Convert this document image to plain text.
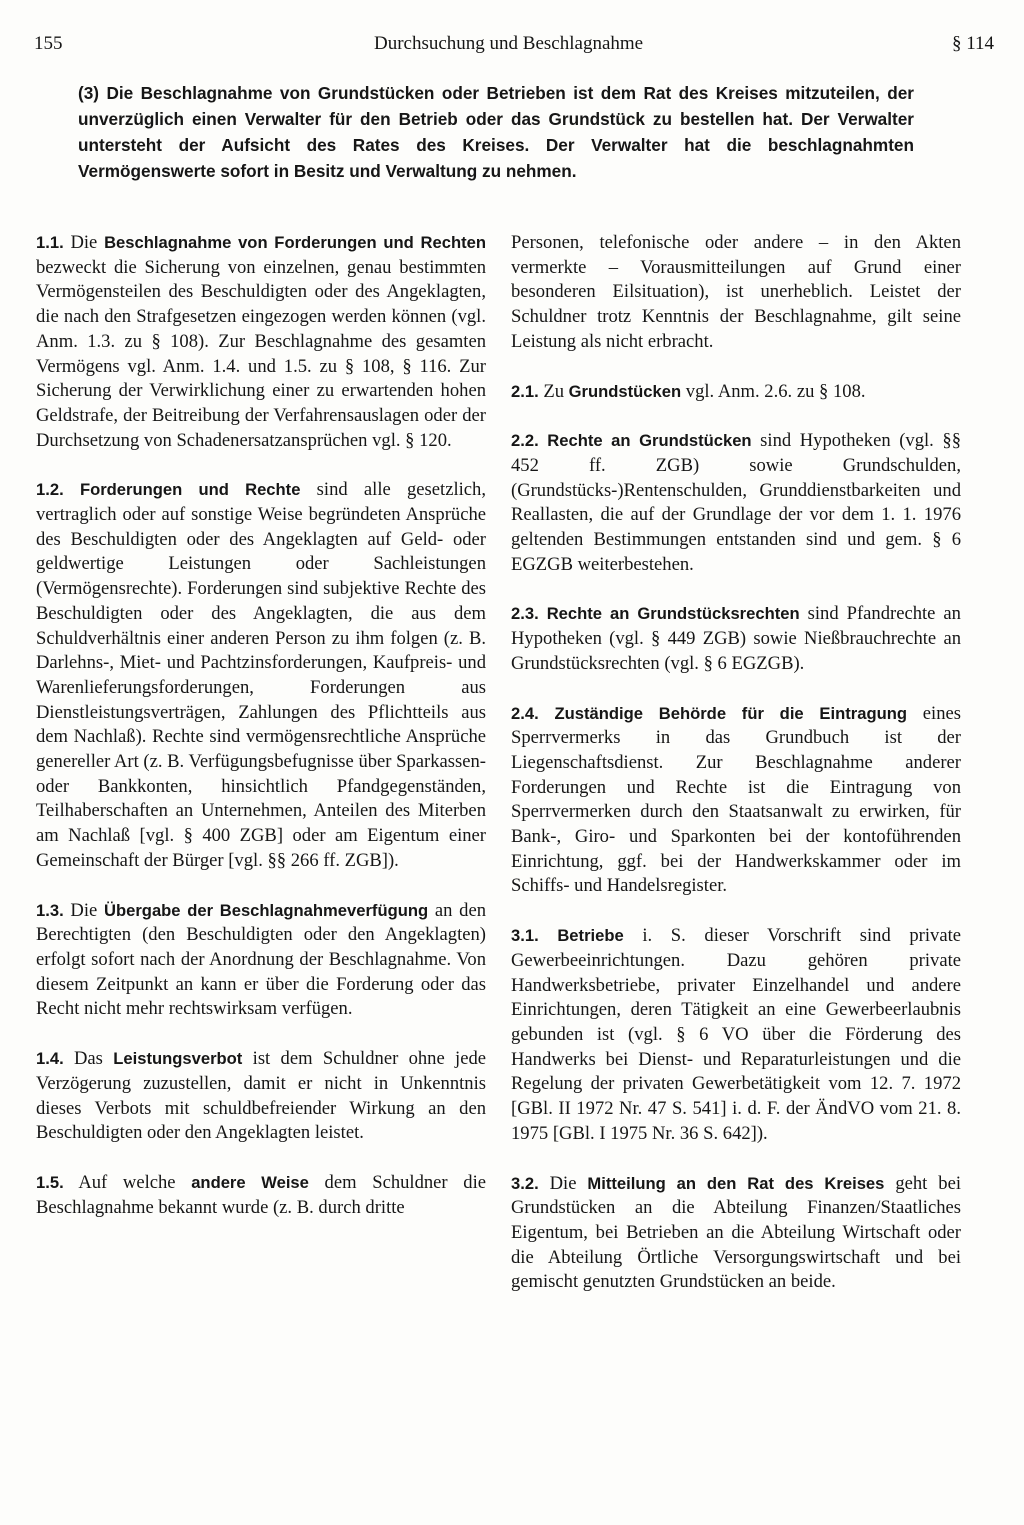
155	Durchsuchung und Beschlagnahme	§ 114

(3) Die Beschlagnahme von Grundstücken oder Betrieben ist dem Rat des Kreises mitzuteilen, der unverzüglich einen Verwalter für den Betrieb oder das Grundstück zu bestellen hat. Der Verwalter untersteht der Aufsicht des Rates des Kreises. Der Verwalter hat die beschlagnahmten Vermögenswerte sofort in Besitz und Verwaltung zu nehmen.

1.1. Die Beschlagnahme von Forderungen und Rechten bezweckt die Sicherung von einzelnen, genau bestimmten Vermögensteilen des Beschuldigten oder des Angeklagten, die nach den Strafgesetzen eingezogen werden können (vgl. Anm. 1.3. zu § 108). Zur Beschlagnahme des gesamten Vermögens vgl. Anm. 1.4. und 1.5. zu § 108, § 116. Zur Sicherung der Verwirklichung einer zu erwartenden hohen Geldstrafe, der Beitreibung der Verfahrensauslagen oder der Durchsetzung von Schadenersatzansprüchen vgl. § 120.

1.2. Forderungen und Rechte sind alle gesetzlich, vertraglich oder auf sonstige Weise begründeten Ansprüche des Beschuldigten oder des Angeklagten auf Geld- oder geldwertige Leistungen oder Sachleistungen (Vermögensrechte). Forderungen sind subjektive Rechte des Beschuldigten oder des Angeklagten, die aus dem Schuldverhältnis einer anderen Person zu ihm folgen (z. B. Darlehns-, Miet- und Pachtzinsforderungen, Kaufpreis- und Warenlieferungsforderungen, Forderungen aus Dienstleistungsverträgen, Zahlungen des Pflichtteils aus dem Nachlaß). Rechte sind vermögensrechtliche Ansprüche genereller Art (z. B. Verfügungsbefugnisse über Sparkassen- oder Bankkonten, hinsichtlich Pfandgegenständen, Teilhaberschaften an Unternehmen, Anteilen des Miterben am Nachlaß [vgl. § 400 ZGB] oder am Eigentum einer Gemeinschaft der Bürger [vgl. §§ 266 ff. ZGB]).

1.3. Die Übergabe der Beschlagnahmeverfügung an den Berechtigten (den Beschuldigten oder den Angeklagten) erfolgt sofort nach der Anordnung der Beschlagnahme. Von diesem Zeitpunkt an kann er über die Forderung oder das Recht nicht mehr rechtswirksam verfügen.

1.4. Das Leistungsverbot ist dem Schuldner ohne jede Verzögerung zuzustellen, damit er nicht in Unkenntnis dieses Verbots mit schuldbefreiender Wirkung an den Beschuldigten oder den Angeklagten leistet.

1.5. Auf welche andere Weise dem Schuldner die Beschlagnahme bekannt wurde (z. B. durch dritte

Personen, telefonische oder andere – in den Akten vermerkte – Vorausmitteilungen auf Grund einer besonderen Eilsituation), ist unerheblich. Leistet der Schuldner trotz Kenntnis der Beschlagnahme, gilt seine Leistung als nicht erbracht.

2.1. Zu Grundstücken vgl. Anm. 2.6. zu § 108.

2.2. Rechte an Grundstücken sind Hypotheken (vgl. §§ 452 ff. ZGB) sowie Grundschulden, (Grundstücks-)Rentenschulden, Grunddienstbarkeiten und Reallasten, die auf der Grundlage der vor dem 1. 1. 1976 geltenden Bestimmungen entstanden sind und gem. § 6 EGZGB weiterbestehen.

2.3. Rechte an Grundstücksrechten sind Pfandrechte an Hypotheken (vgl. § 449 ZGB) sowie Nießbrauchrechte an Grundstücksrechten (vgl. § 6 EGZGB).

2.4. Zuständige Behörde für die Eintragung eines Sperrvermerks in das Grundbuch ist der Liegenschaftsdienst. Zur Beschlagnahme anderer Forderungen und Rechte ist die Eintragung von Sperrvermerken durch den Staatsanwalt zu erwirken, für Bank-, Giro- und Sparkonten bei der kontoführenden Einrichtung, ggf. bei der Handwerkskammer oder im Schiffs- und Handelsregister.

3.1. Betriebe i. S. dieser Vorschrift sind private Gewerbeeinrichtungen. Dazu gehören private Handwerksbetriebe, privater Einzelhandel und andere Einrichtungen, deren Tätigkeit an eine Gewerbeerlaubnis gebunden ist (vgl. § 6 VO über die Förderung des Handwerks bei Dienst- und Reparaturleistungen und die Regelung der privaten Gewerbetätigkeit vom 12. 7. 1972 [GBl. II 1972 Nr. 47 S. 541] i. d. F. der ÄndVO vom 21. 8. 1975 [GBl. I 1975 Nr. 36 S. 642]).

3.2. Die Mitteilung an den Rat des Kreises geht bei Grundstücken an die Abteilung Finanzen/Staatliches Eigentum, bei Betrieben an die Abteilung Wirtschaft oder die Abteilung Örtliche Versorgungswirtschaft und bei gemischt genutzten Grundstücken an beide.
